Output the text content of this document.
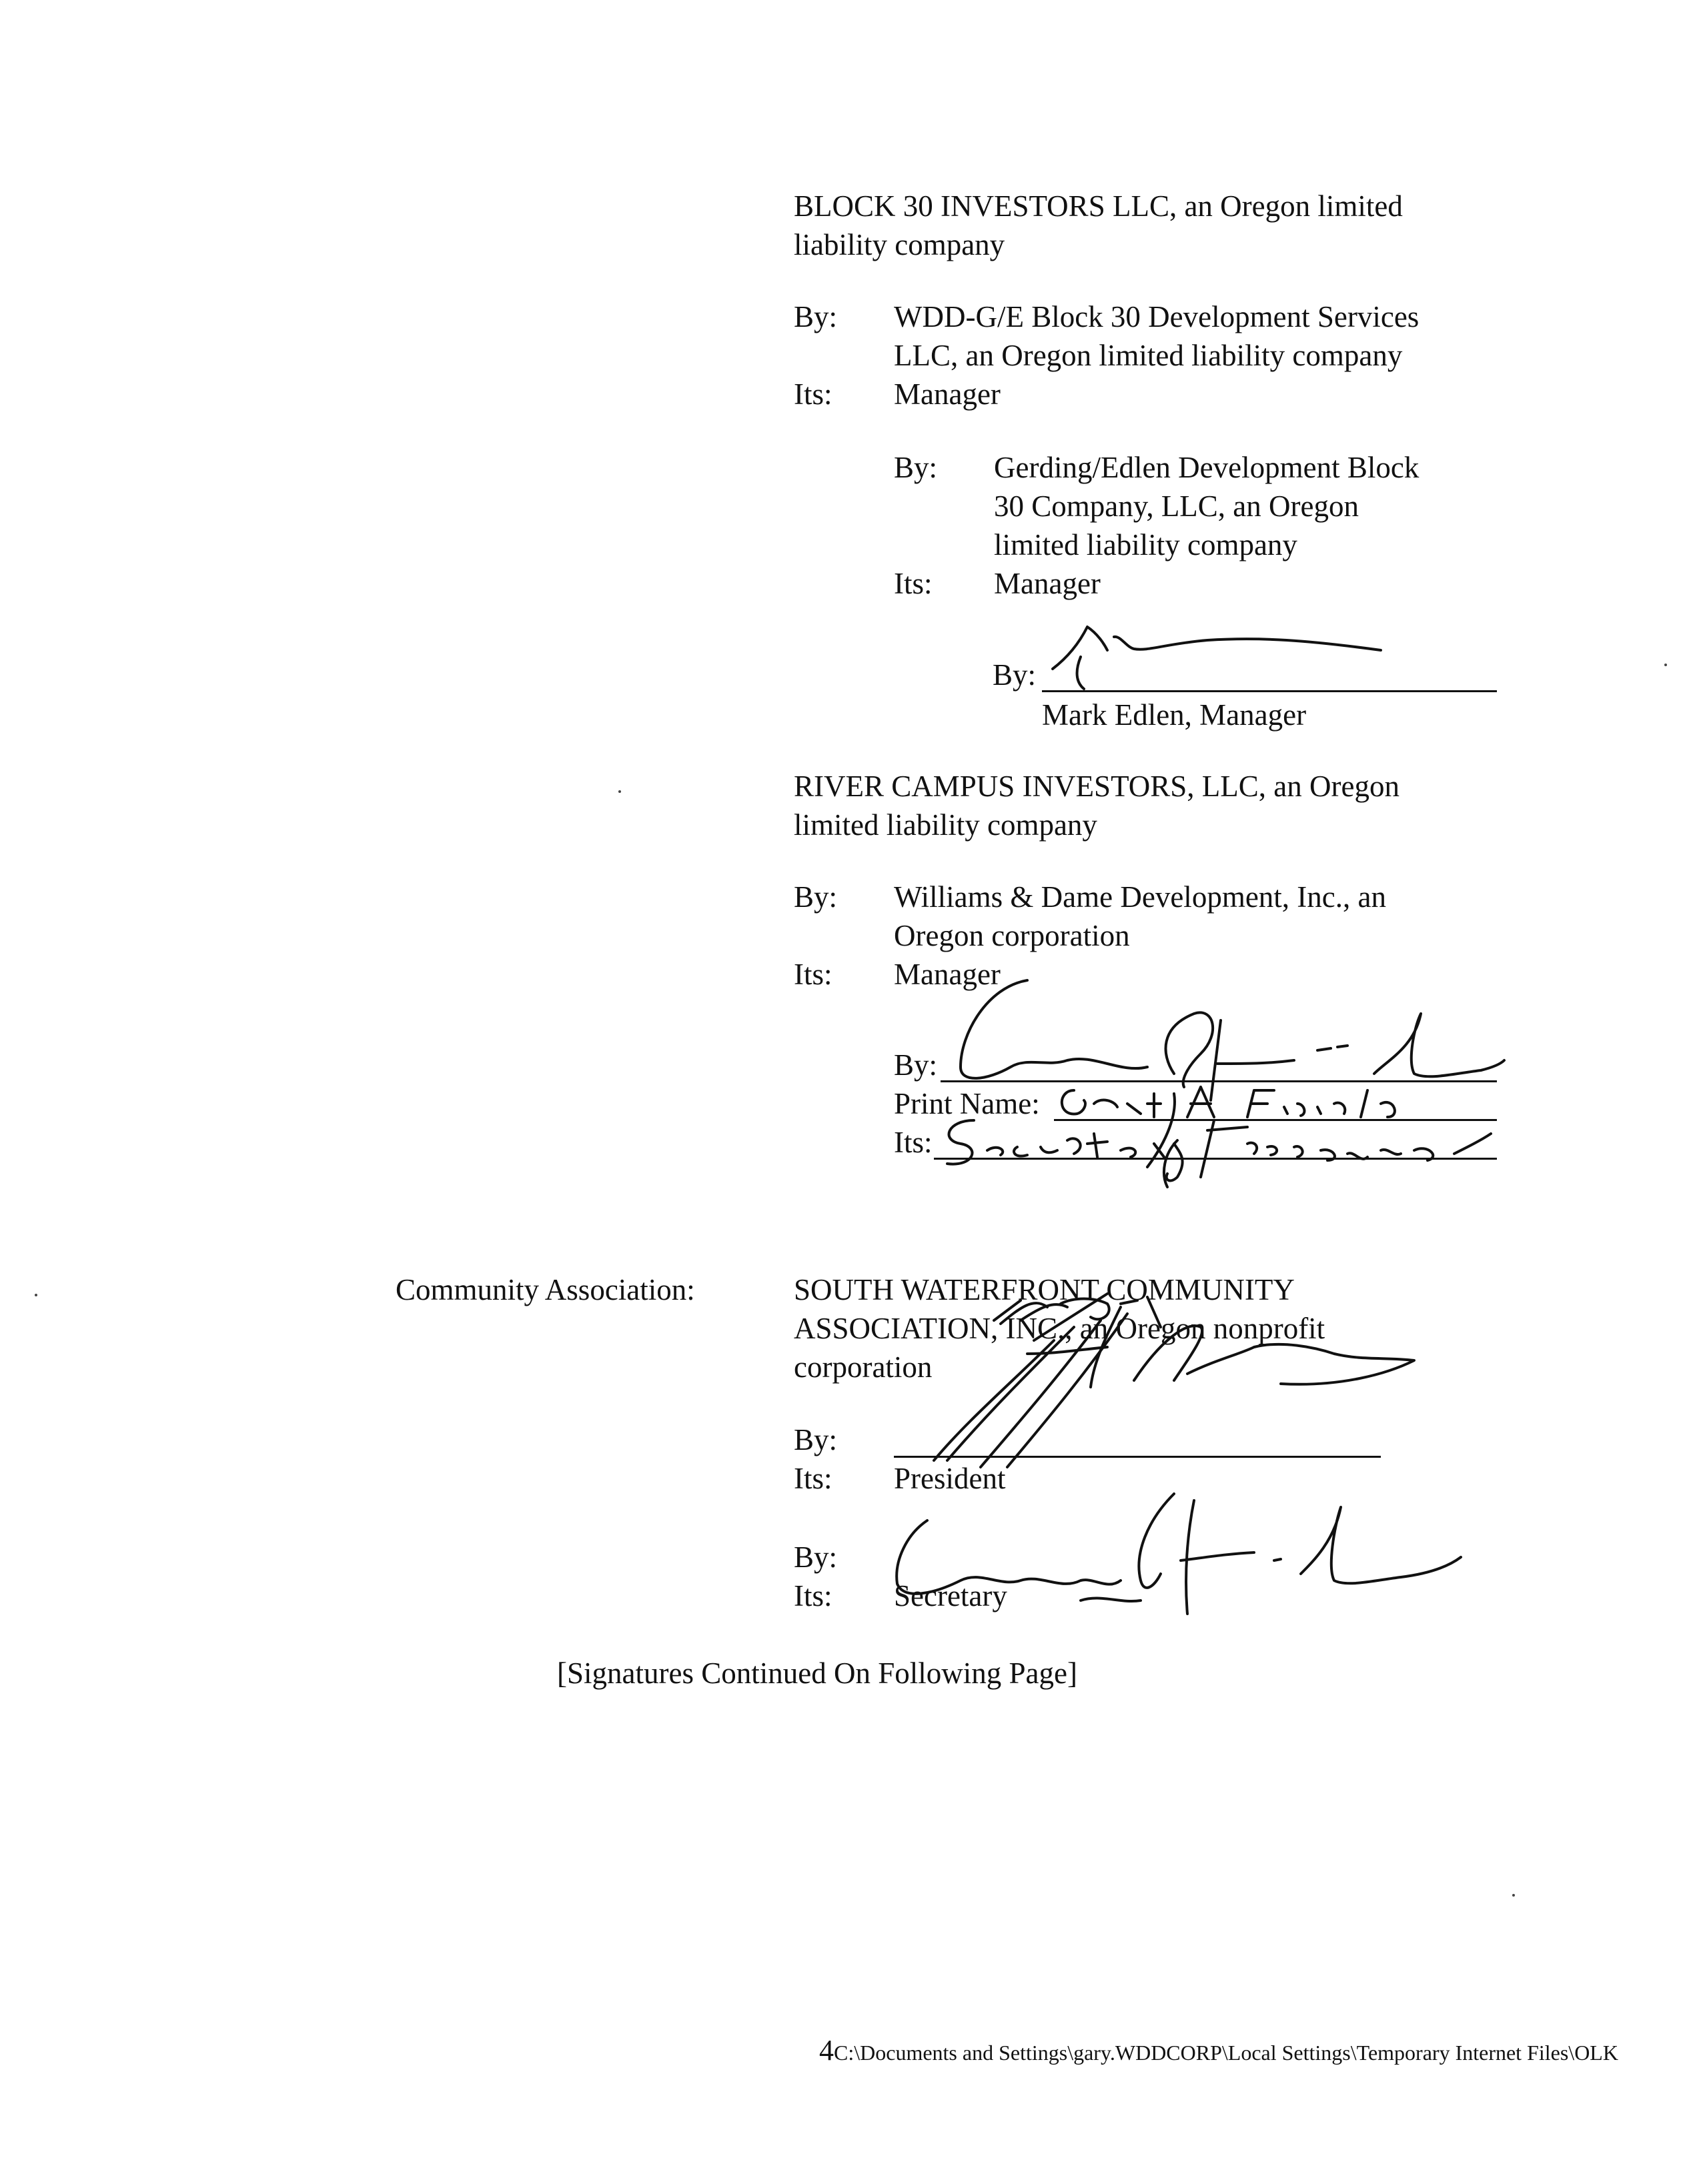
BLOCK 30 INVESTORS LLC, an Oregon limited
liability company
By: WDD-G/E Block 30 Development Services
LLC, an Oregon limited liability company
Its: Manager
By: Gerding/Edlen Development Block
30 Company, LLC, an Oregon
limited liability company
Its: Manager
By:
Mark Edlen, Manager
RIVER CAMPUS INVESTORS, LLC, an Oregon
limited liability company
By: Williams & Dame Development, Inc., an
Oregon corporation
Its: Manager
By:
Print Name:
Its:
Community Association:	SOUTH WATERFRONT COMMUNITY
ASSOCIATION, INC., an Oregon nonprofit
corporation
By:
Its: President
By:
Its: Secretary
[Signatures Continued On Following Page]
4C:\Documents and Settings\gary.WDDCORP\Local Settings\Temporary Internet Files\OLK
